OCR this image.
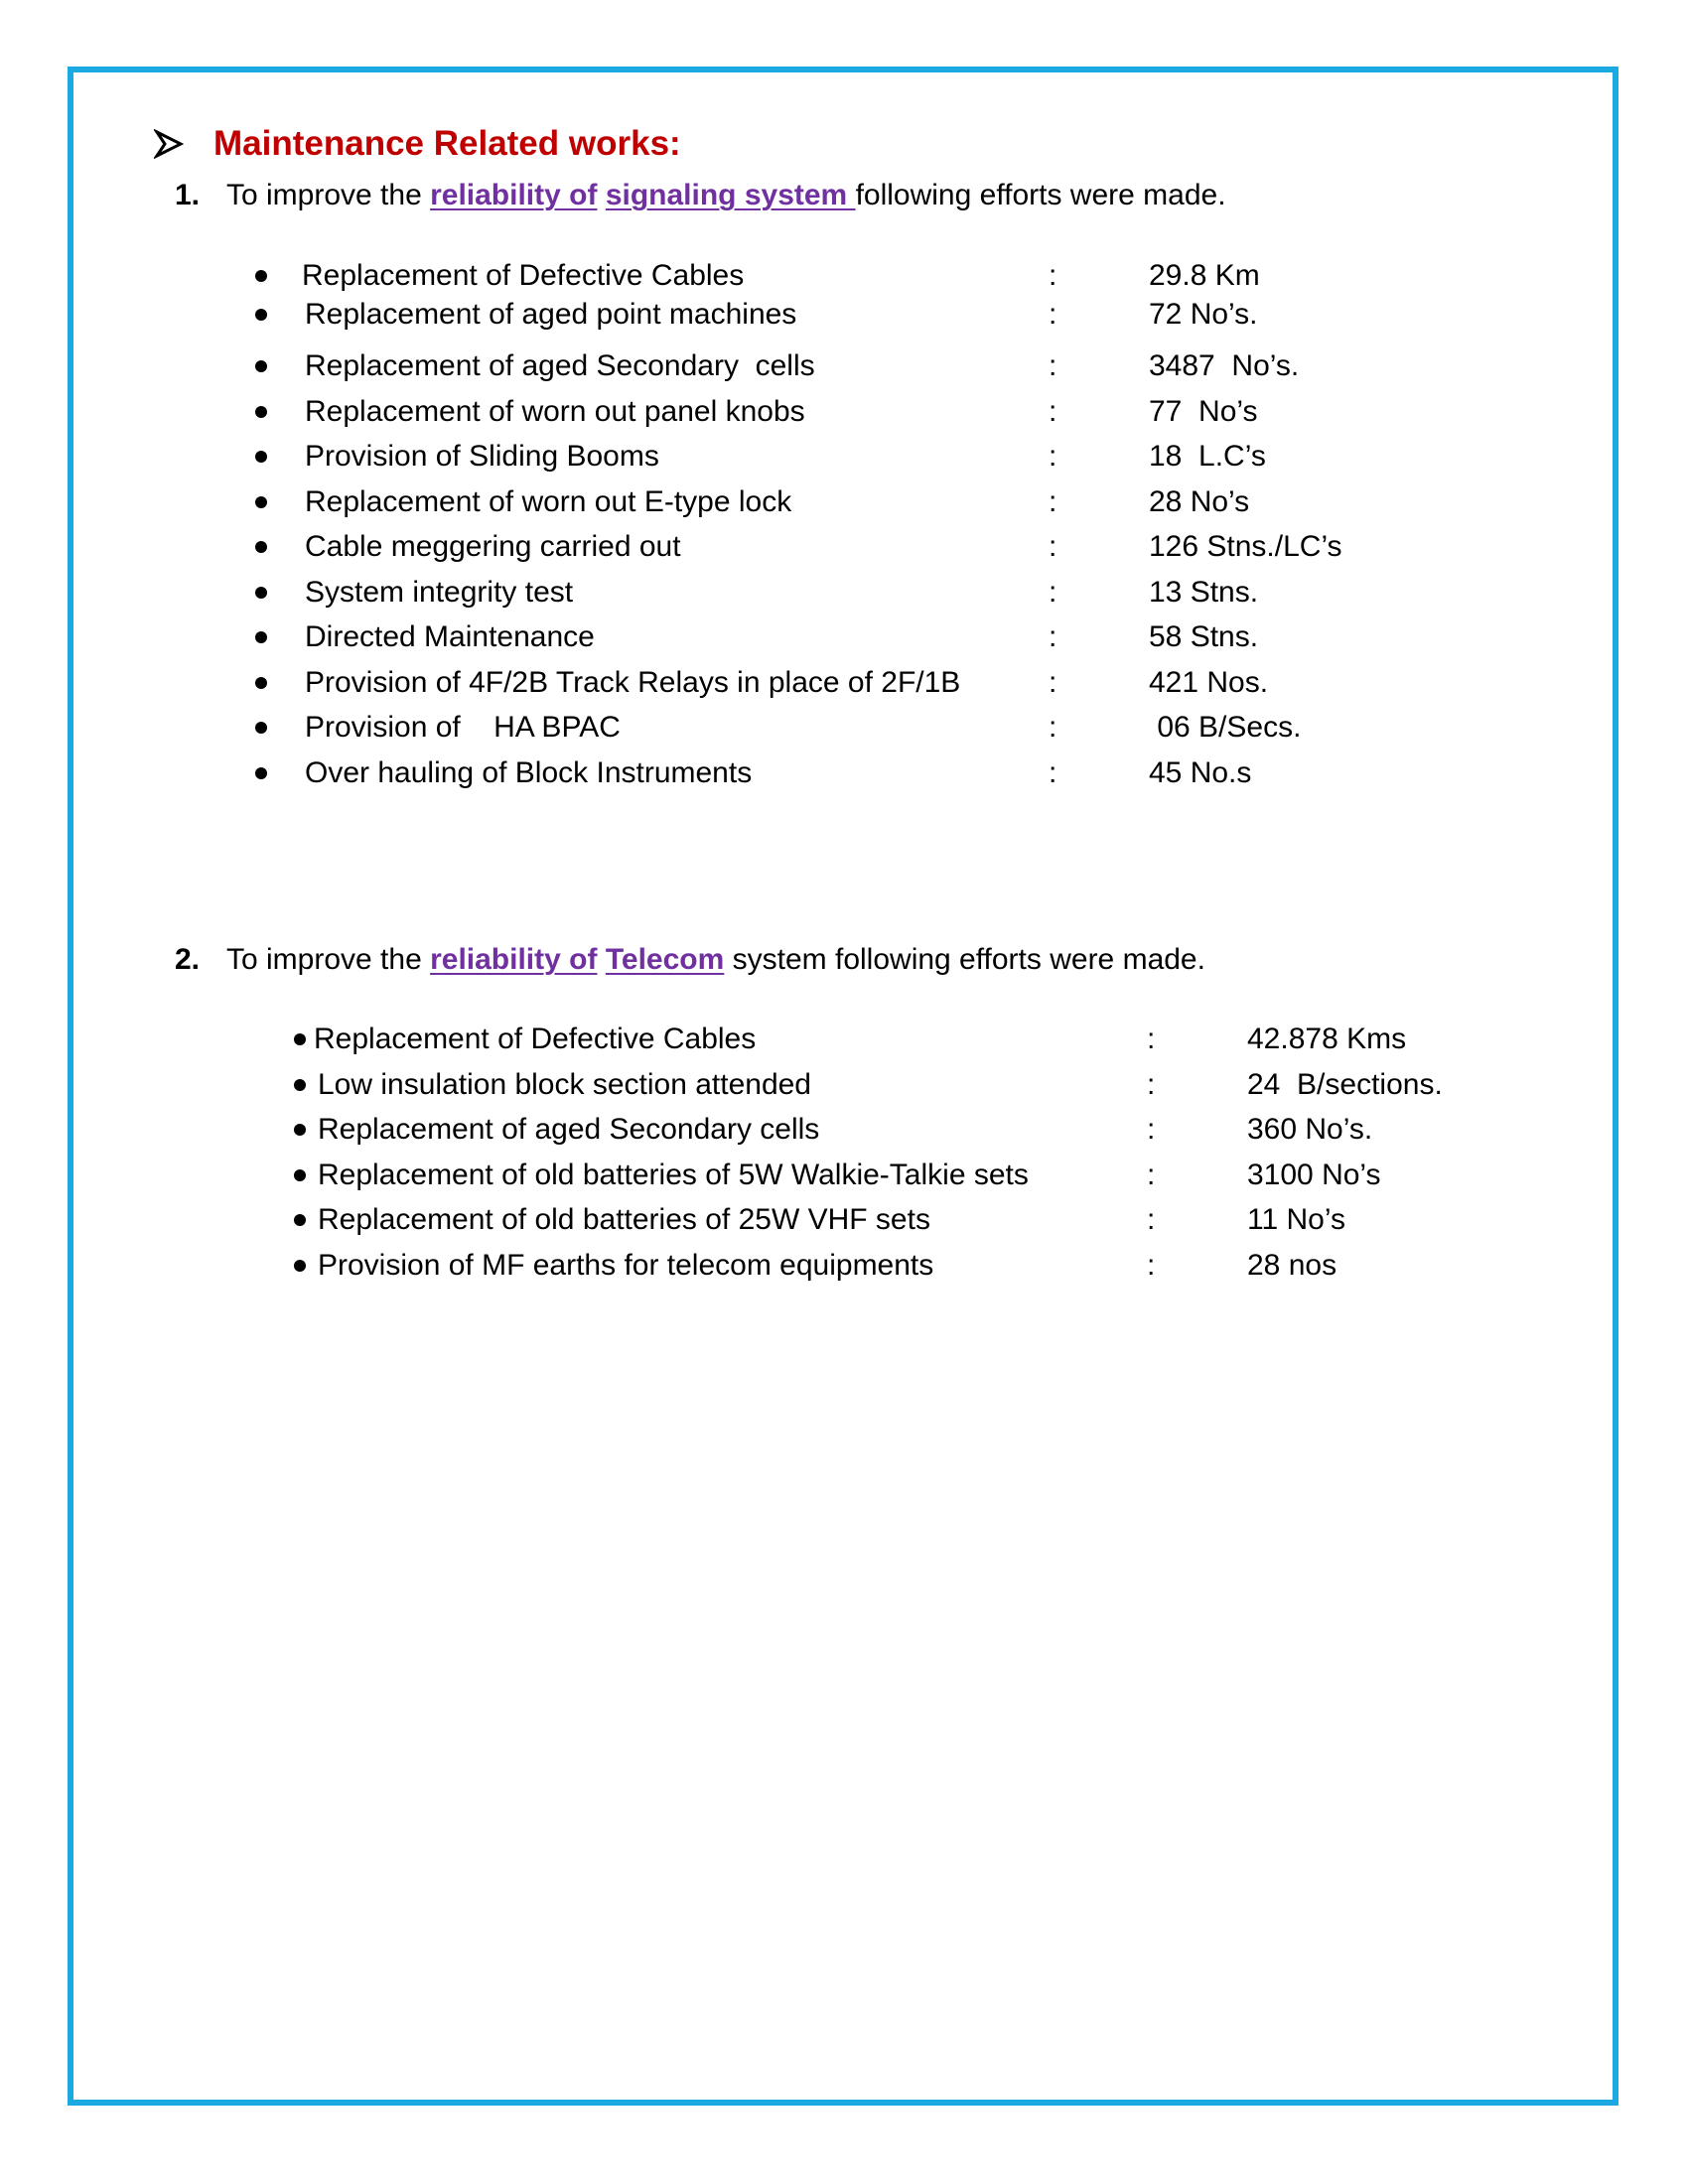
Maintenance Related works:
1. To improve the reliability of
signaling system following efforts were made.
Replacement of Defective Cables	:	29.8 Km
Replacement of aged point machines	:	72 No’s.
Replacement of aged Secondary  cells	:	3487  No’s.
Replacement of worn out panel knobs	:	77  No’s
Provision of Sliding Booms	:	18  L.C’s
Replacement of worn out E-type lock	:	28 No’s
Cable meggering carried out	:	126 Stns./LC’s
System integrity test	:	13 Stns.
Directed Maintenance	:	58 Stns.
Provision of 4F/2B Track Relays in place of 2F/1B	:	421 Nos.
Provision of    HA BPAC	:	06 B/Secs.
Over hauling of Block Instruments	:	45 No.s
2. To improve the reliability of
Telecom system following efforts were made.
Replacement of Defective Cables	:	42.878 Kms
Low insulation block section attended	:	24  B/sections.
Replacement of aged Secondary cells	:	360 No’s.
Replacement of old batteries of 5W Walkie-Talkie sets	:	3100 No’s
Replacement of old batteries of 25W VHF sets	:	11 No’s
Provision of MF earths for telecom equipments	:	28 nos
